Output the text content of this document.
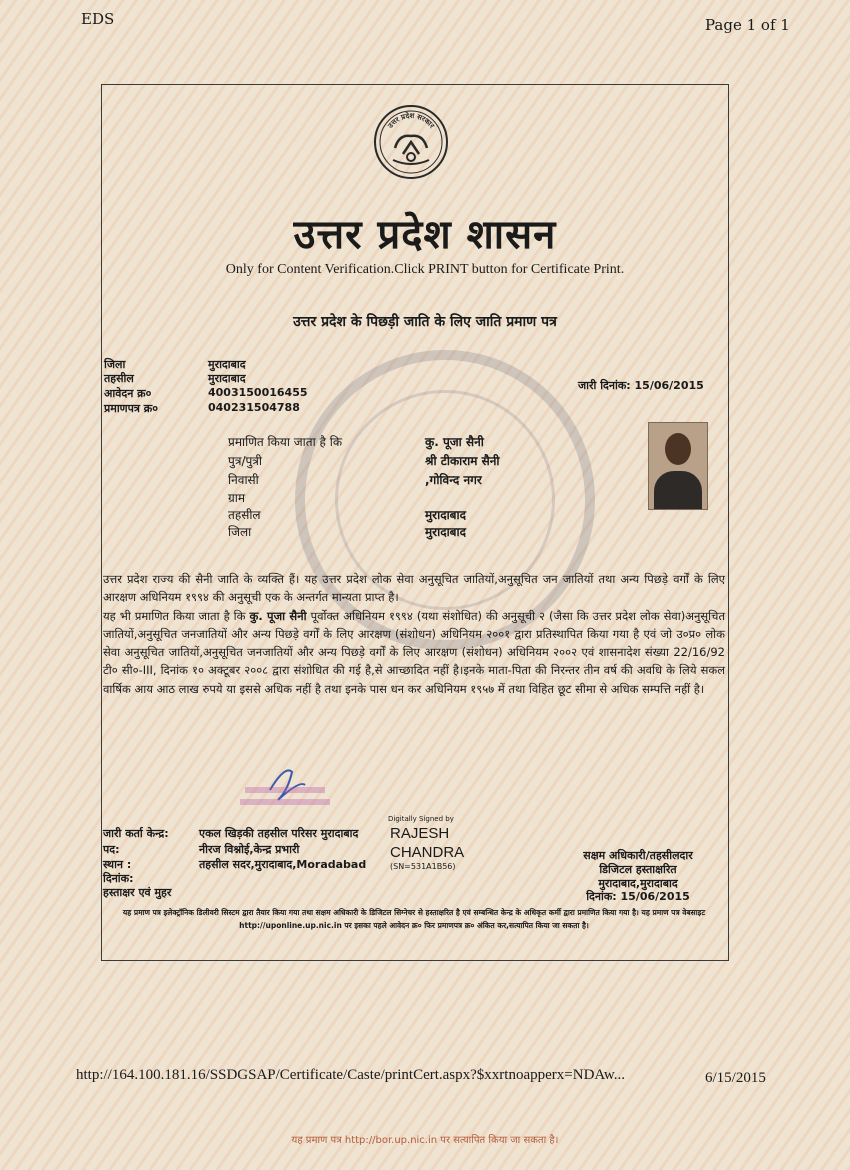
EDS	Page 1 of 1
उत्तर प्रदेश सरकार
उत्तर प्रदेश शासन
Only for Content Verification.Click PRINT button for Certificate Print.
उत्तर प्रदेश के पिछड़ी जाति के लिए जाति प्रमाण पत्र
जिला	मुरादाबाद
तहसील	मुरादाबाद
आवेदन क्र०	4003150016455
प्रमाणपत्र क्र०	040231504788
जारी दिनांक: 15/06/2015
प्रमाणित किया जाता है कि	कु. पूजा सैनी
पुत्र/पुत्री	श्री टीकाराम सैनी
निवासी	,गोविन्द नगर
ग्राम
तहसील	मुरादाबाद
जिला	मुरादाबाद
उत्तर प्रदेश राज्य की सैनी जाति के व्यक्ति हैं। यह उत्तर प्रदेश लोक सेवा अनुसूचित जातियों,अनुसूचित जन जातियों तथा अन्य पिछड़े वर्गों के लिए आरक्षण अधिनियम १९९४ की अनुसूची एक के अन्तर्गत मान्यता प्राप्त है।
यह भी प्रमाणित किया जाता है कि कु. पूजा सैनी पूर्वोक्त अधिनियम १९९४ (यथा संशोधित) की अनुसूची २ (जैसा कि उत्तर प्रदेश लोक सेवा)अनुसूचित जातियों,अनुसूचित जनजातियों और अन्य पिछड़े वर्गों के लिए आरक्षण (संशोधन) अधिनियम २००१ द्वारा प्रतिस्थापित किया गया है एवं जो उ०प्र० लोक सेवा अनुसूचित जातियों,अनुसूचित जनजातियों और अन्य पिछड़े वर्गों के लिए आरक्षण (संशोधन) अधिनियम २००२ एवं शासनादेश संख्या 22/16/92 टी० सी०-III, दिनांक १० अक्टूबर २००८ द्वारा संशोधित की गई है,से आच्छादित नहीं है।इनके माता-पिता की निरन्तर तीन वर्ष की अवधि के लिये सकल वार्षिक आय आठ लाख रुपये या इससे अधिक नहीं है तथा इनके पास धन कर अधिनियम १९५७ में तथा विहित छूट सीमा से अधिक सम्पत्ति नहीं है।
जारी कर्ता केन्द्र:	एकल खिड़की तहसील परिसर मुरादाबाद
पद:	नीरज विश्नोई,केन्द्र प्रभारी
स्थान :	तहसील सदर,मुरादाबाद,Moradabad
दिनांक:
हस्ताक्षर एवं मुहर
Digitally Signed by
RAJESH
CHANDRA
(SN=531A1B56)
सक्षम अधिकारी/तहसीलदार
डिजिटल हस्ताक्षरित
मुरादाबाद,मुरादाबाद
दिनांक: 15/06/2015
यह प्रमाण पत्र इलेक्ट्रॉनिक डिलीवरी सिस्टम द्वारा तैयार किया गया तथा सक्षम अधिकारी के डिजिटल सिग्नेचर से हस्ताक्षरित है एवं सम्बन्धित केन्द्र के अधिकृत कर्मी द्वारा प्रमाणित किया गया है। यह प्रमाण पत्र वेबसाइट http://uponline.up.nic.in पर इसका पहले आवेदन क्र० फिर प्रमाणपत्र क्र० अंकित कर,सत्यापित किया जा सकता है।
http://164.100.181.16/SSDGSAP/Certificate/Caste/printCert.aspx?$xxrtnoapperx=NDAw...	6/15/2015
यह प्रमाण पत्र http://bor.up.nic.in पर सत्यापित किया जा सकता है।
